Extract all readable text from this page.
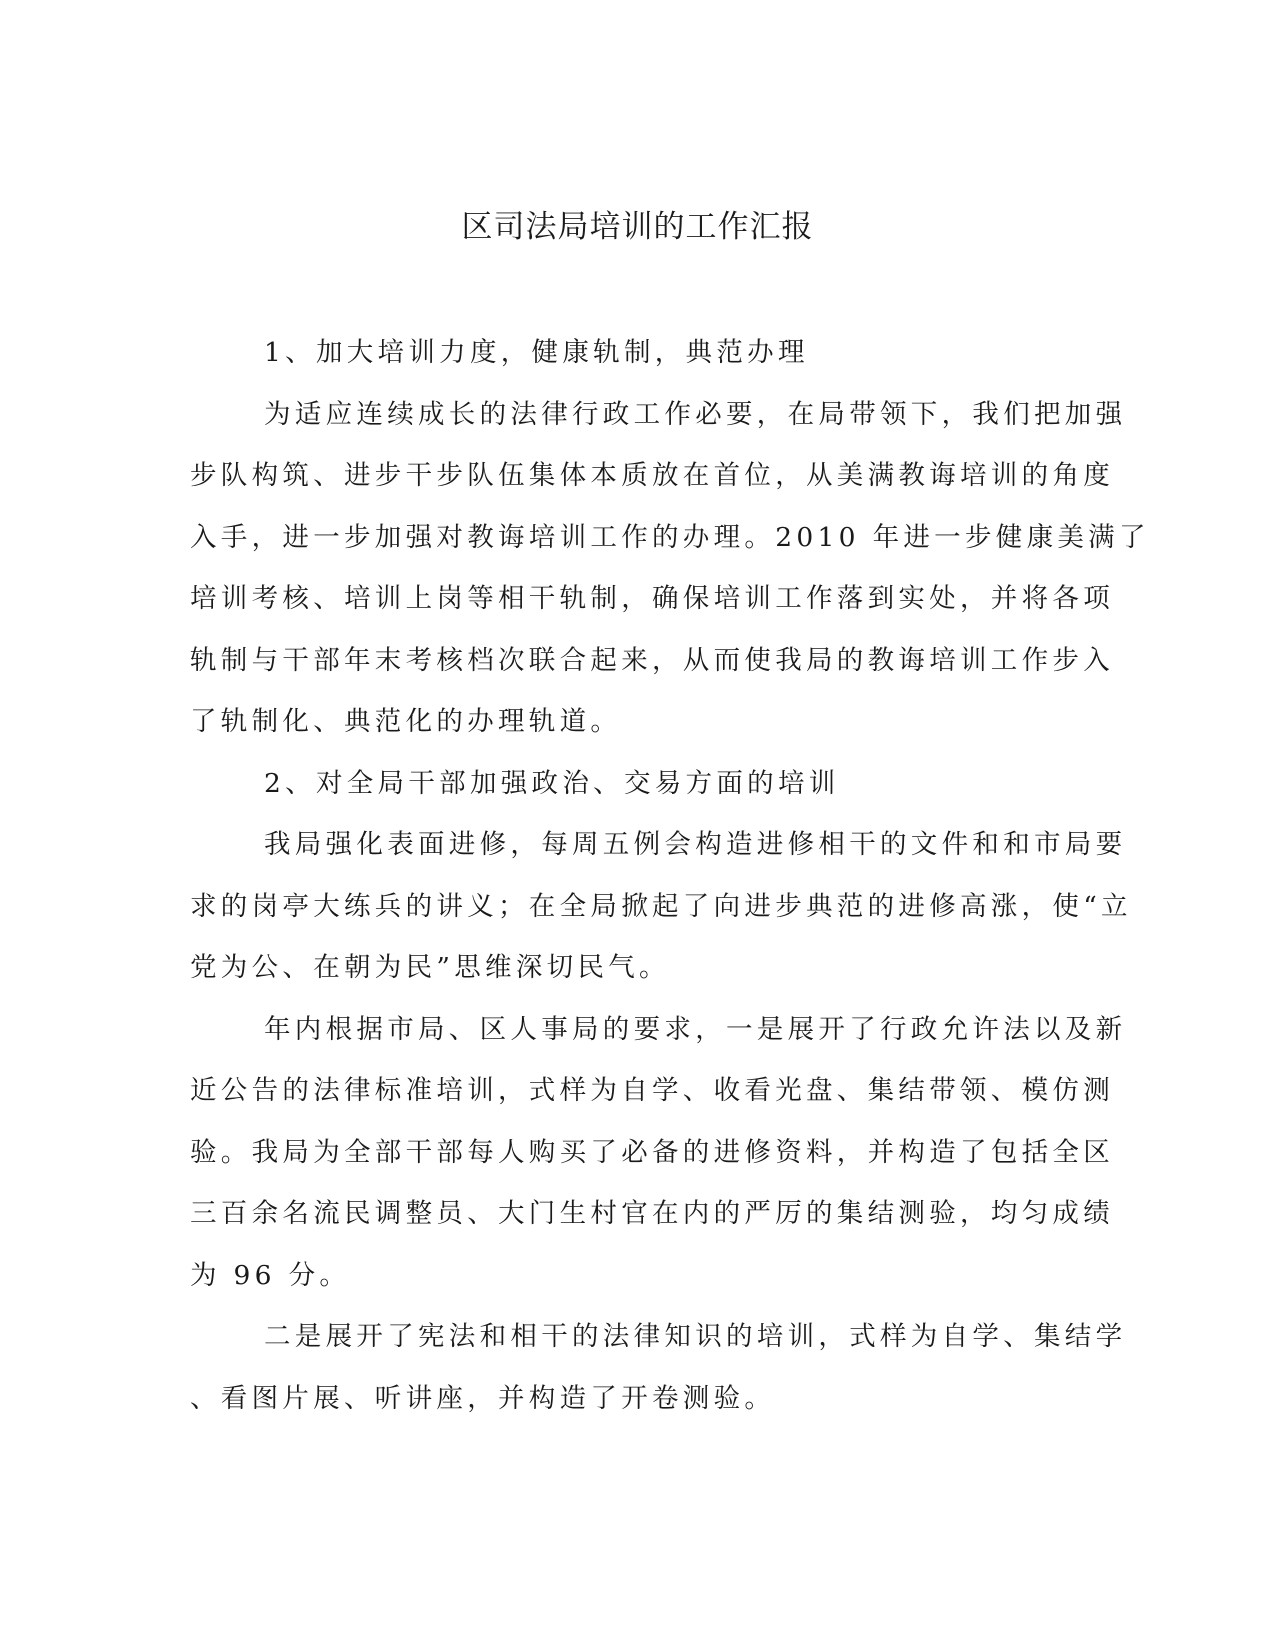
区司法局培训的工作汇报
1、加大培训力度，健康轨制，典范办理
为适应连续成长的法律行政工作必要，在局带领下，我们把加强
步队构筑、进步干步队伍集体本质放在首位，从美满教诲培训的角度
入手，进一步加强对教诲培训工作的办理。2010 年进一步健康美满了
培训考核、培训上岗等相干轨制，确保培训工作落到实处，并将各项
轨制与干部年末考核档次联合起来，从而使我局的教诲培训工作步入
了轨制化、典范化的办理轨道。
2、对全局干部加强政治、交易方面的培训
我局强化表面进修，每周五例会构造进修相干的文件和和市局要
求的岗亭大练兵的讲义；在全局掀起了向进步典范的进修高涨，使“立
党为公、在朝为民”思维深切民气。
年内根据市局、区人事局的要求，一是展开了行政允许法以及新
近公告的法律标准培训，式样为自学、收看光盘、集结带领、模仿测
验。我局为全部干部每人购买了必备的进修资料，并构造了包括全区
三百余名流民调整员、大门生村官在内的严厉的集结测验，均匀成绩
为 96 分。
二是展开了宪法和相干的法律知识的培训，式样为自学、集结学
、看图片展、听讲座，并构造了开卷测验。
